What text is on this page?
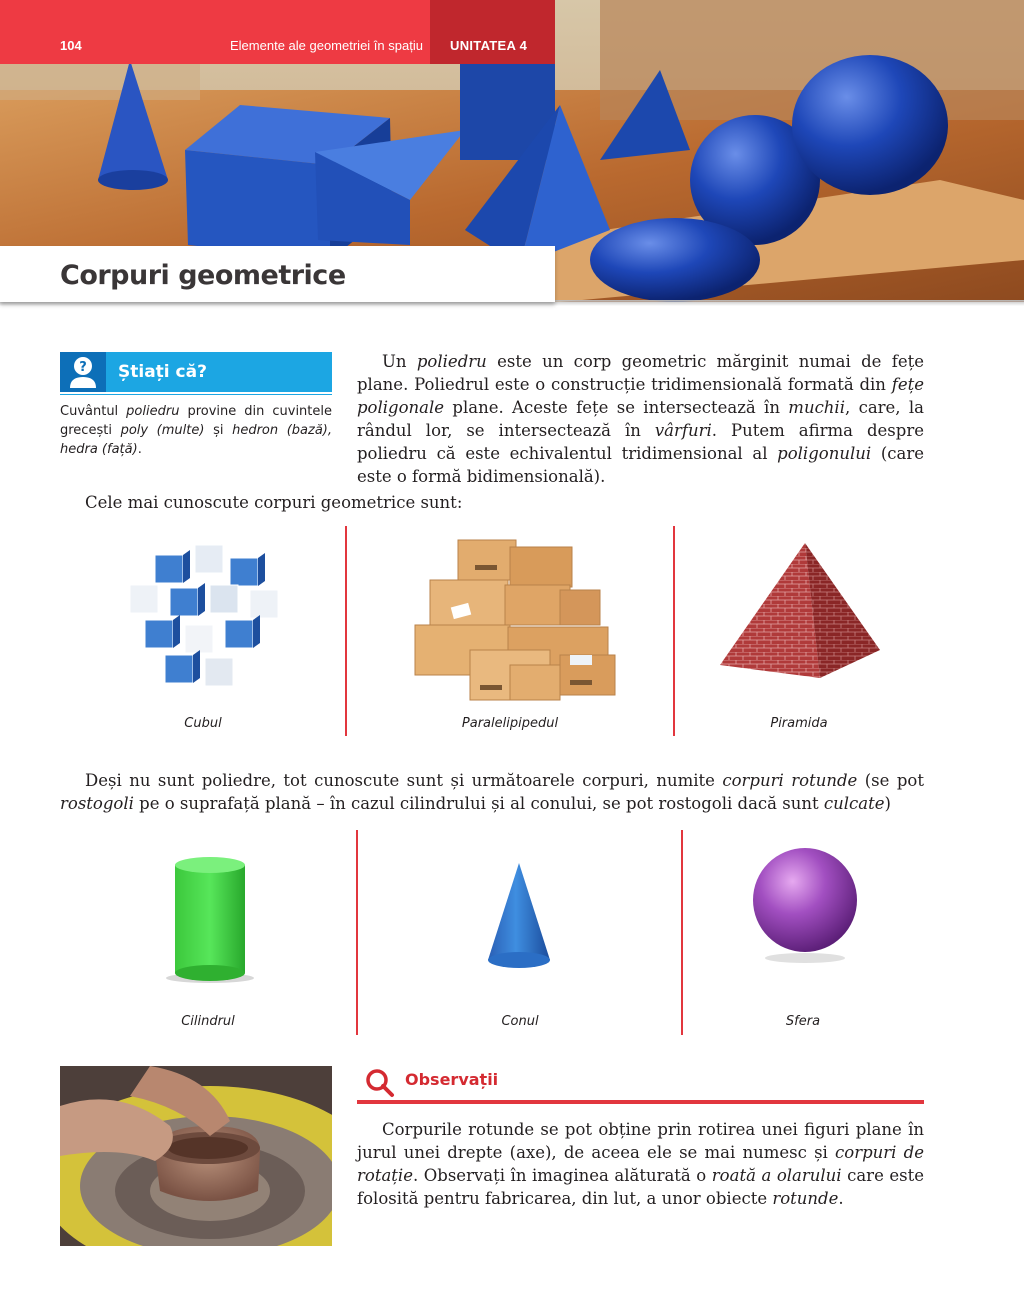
104	Elemente ale geometriei în spațiu UNITATEA 4
Corpuri geometrice
? Știați că?
Cuvântul poliedru provine din cuvintele grecești poly (multe) și hedron (bază), hedra (față).

Un poliedru este un corp geometric mărginit numai de fețe plane. Poliedrul este o construcție tridimensională formată din fețe poligonale plane. Aceste fețe se intersectează în muchii, care, la rândul lor, se intersectează în vârfuri. Putem afirma despre poliedru că este echivalentul tridimensional al poligonului (care este o formă bidimensională).

Cele mai cunoscute corpuri geometrice sunt:
Cubul	Paralelipipedul	Piramida

Deși nu sunt poliedre, tot cunoscute sunt și următoarele corpuri, numite corpuri rotunde (se pot rostogoli pe o suprafață plană – în cazul cilindrului și al conului, se pot rostogoli dacă sunt culcate)

Cilindrul	Conul	Sfera
Observații

Corpurile rotunde se pot obține prin rotirea unei figuri plane în jurul unei drepte (axe), de aceea ele se mai numesc și corpuri de rotație. Observați în imaginea alăturată o roată a olarului care este folosită pentru fabricarea, din lut, a unor obiecte rotunde.
